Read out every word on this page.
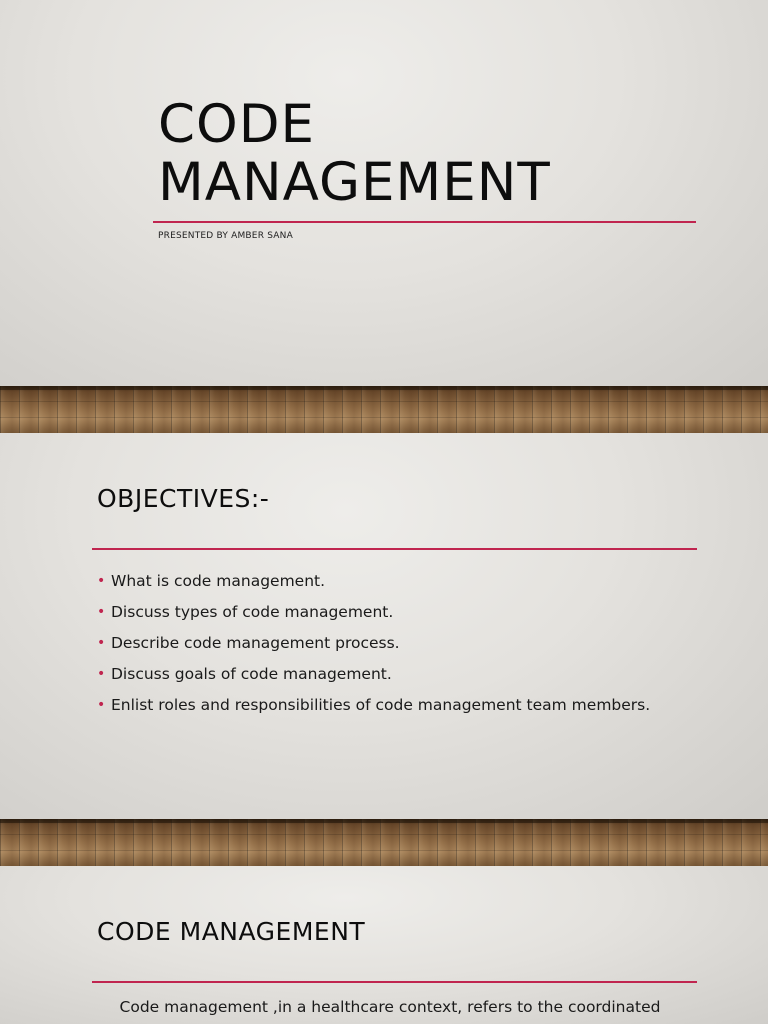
CODE
MANAGEMENT
PRESENTED BY AMBER SANA
OBJECTIVES:-
• What is code management.
• Discuss types of code management.
• Describe code management process.
• Discuss goals of code management.
• Enlist roles and responsibilities of code management team members.
CODE MANAGEMENT

Code management ,in a healthcare context, refers to the coordinated
